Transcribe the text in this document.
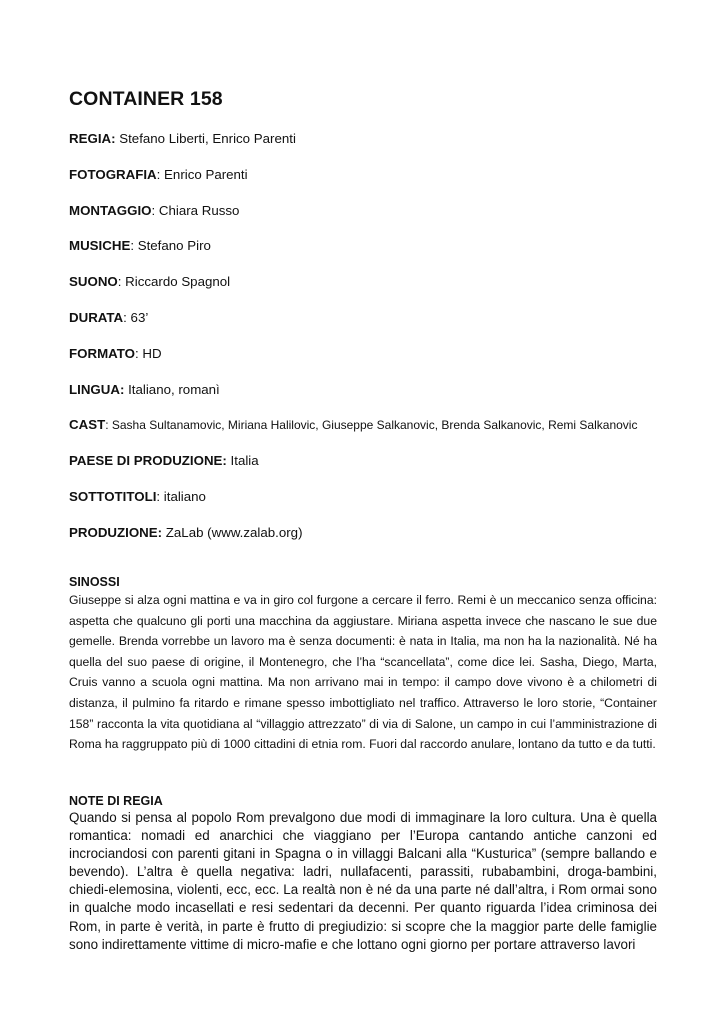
CONTAINER 158
REGIA: Stefano Liberti, Enrico Parenti
FOTOGRAFIA: Enrico Parenti
MONTAGGIO: Chiara Russo
MUSICHE: Stefano Piro
SUONO: Riccardo Spagnol
DURATA: 63’
FORMATO: HD
LINGUA: Italiano, romanì
CAST: Sasha Sultanamovic, Miriana Halilovic, Giuseppe Salkanovic, Brenda Salkanovic, Remi Salkanovic
PAESE DI PRODUZIONE: Italia
SOTTOTITOLI: italiano
PRODUZIONE: ZaLab (www.zalab.org)
SINOSSI
Giuseppe si alza ogni mattina e va in giro col furgone a cercare il ferro. Remi è un meccanico senza officina: aspetta che qualcuno gli porti una macchina da aggiustare. Miriana aspetta invece che nascano le sue due gemelle. Brenda vorrebbe un lavoro ma è senza documenti: è nata in Italia, ma non ha la nazionalità. Né ha quella del suo paese di origine, il Montenegro, che l’ha “scancellata”, come dice lei. Sasha, Diego, Marta, Cruis vanno a scuola ogni mattina. Ma non arrivano mai in tempo: il campo dove vivono è a chilometri di distanza, il pulmino fa ritardo e rimane spesso imbottigliato nel traffico. Attraverso le loro storie, “Container 158” racconta la vita quotidiana al “villaggio attrezzato” di via di Salone, un campo in cui l’amministrazione di Roma ha raggruppato più di 1000 cittadini di etnia rom. Fuori dal raccordo anulare, lontano da tutto e da tutti.
NOTE DI REGIA
Quando si pensa al popolo Rom prevalgono due modi di immaginare la loro cultura. Una è quella romantica: nomadi ed anarchici che viaggiano per l’Europa cantando antiche canzoni ed incrociandosi con parenti gitani in Spagna o in villaggi Balcani alla “Kusturica” (sempre ballando e bevendo). L’altra è quella negativa: ladri, nullafacenti, parassiti, rubabambini, droga-bambini, chiedi-elemosina, violenti, ecc, ecc. La realtà non è né da una parte né dall’altra, i Rom ormai sono in qualche modo incasellati e resi sedentari da decenni. Per quanto riguarda l’idea criminosa dei Rom, in parte è verità, in parte è frutto di pregiudizio: si scopre che la maggior parte delle famiglie sono indirettamente vittime di micro-mafie e che lottano ogni giorno per portare attraverso lavori
